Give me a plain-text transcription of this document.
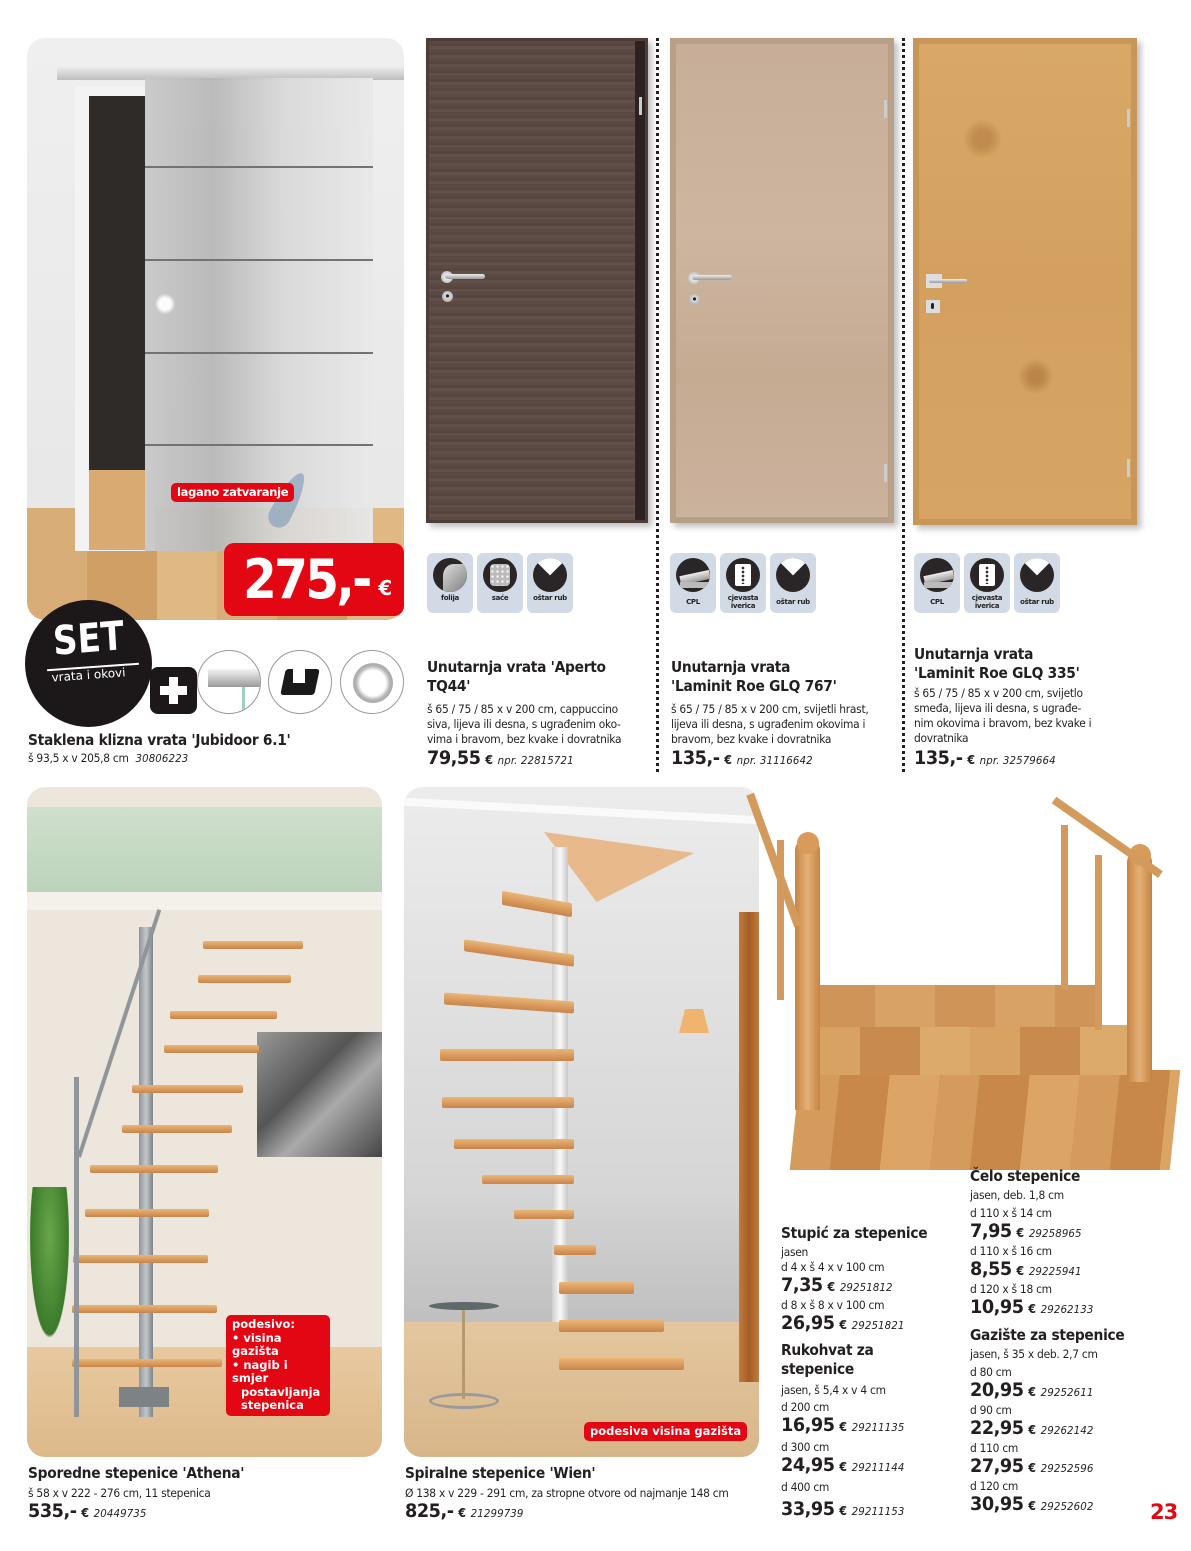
lagano zatvaranje
275,- €
SET
vrata i okovi
Staklena klizna vrata 'Jubidoor 6.1'
š 93,5 x v 205,8 cm 30806223
folija	saće	oštar rub
Unutarnja vrata 'Aperto
TQ44'
š 65 / 75 / 85 x v 200 cm, cappuccino
siva, lijeva ili desna, s ugrađenim oko-
vima i bravom, bez kvake i dovratnika
79,55 € npr. 22815721
CPL	cjevasta
iverica	oštar rub
Unutarnja vrata
'Laminit Roe GLQ 767'
š 65 / 75 / 85 x v 200 cm, svijetli hrast,
lijeva ili desna, s ugrađenim okovima i
bravom, bez kvake i dovratnika
135,- € npr. 31116642
CPL	cjevasta
iverica	oštar rub
Unutarnja vrata
'Laminit Roe GLQ 335'
š 65 / 75 / 85 x v 200 cm, svijetlo
smeđa, lijeva ili desna, s ugrađe-
nim okovima i bravom, bez kvake i
dovratnika
135,- € npr. 32579664
podesivo:
• visina gazišta
• nagib i smjer
postavljanja
stepenica
Sporedne stepenice 'Athena'
š 58 x v 222 - 276 cm, 11 stepenica
535,- € 20449735
podesiva visina gazišta
Spiralne stepenice 'Wien'
Ø 138 x v 229 - 291 cm, za stropne otvore od najmanje 148 cm
825,- € 21299739
Stupić za stepenice
jasen
d 4 x š 4 x v 100 cm
7,35 € 29251812
d 8 x š 8 x v 100 cm
26,95 € 29251821
Rukohvat za
stepenice
jasen, š 5,4 x v 4 cm
d 200 cm
16,95 € 29211135
d 300 cm
24,95 € 29211144
d 400 cm
33,95 € 29211153
Čelo stepenice
jasen, deb. 1,8 cm
d 110 x š 14 cm
7,95 € 29258965
d 110 x š 16 cm
8,55 € 29225941
d 120 x š 18 cm
10,95 € 29262133
Gazište za stepenice
jasen, š 35 x deb. 2,7 cm
d 80 cm
20,95 € 29252611
d 90 cm
22,95 € 29262142
d 110 cm
27,95 € 29252596
d 120 cm
30,95 € 29252602	23
